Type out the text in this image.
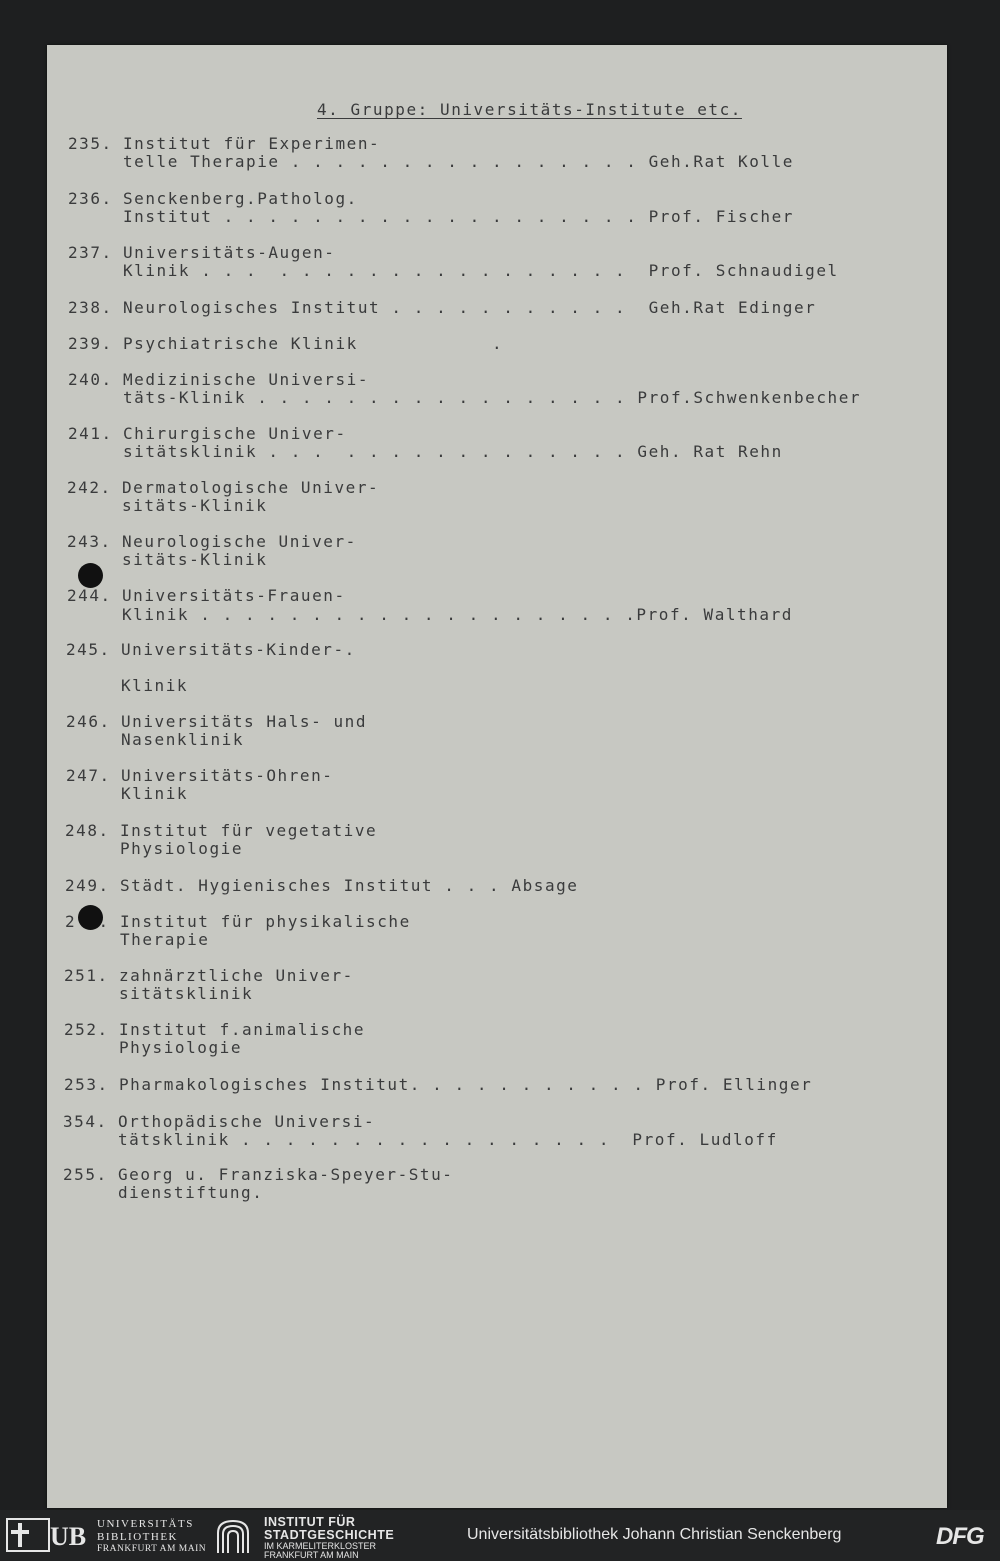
4. Gruppe: Universitäts-Institute etc.

235. Institut für Experimen-

telle Therapie . . . . . . . . . . . . . . . . Geh.Rat Kolle

236. Senckenberg.Patholog.

Institut . . . . . . . . . . . . . . . . . . . Prof. Fischer

237. Universitäts-Augen-

Klinik . . .  . . . . . . . . . . . . . . . .  Prof. Schnaudigel

238. Neurologisches Institut . . . . . . . . . . .  Geh.Rat Edinger

239. Psychiatrische Klinik            .

240. Medizinische Universi-

täts-Klinik . . . . . . . . . . . . . . . . . Prof.Schwenkenbecher

241. Chirurgische Univer-

sitätsklinik . . .  . . . . . . . . . . . . . Geh. Rat Rehn

242. Dermatologische Univer-

sitäts-Klinik

243. Neurologische Univer-

sitäts-Klinik

244. Universitäts-Frauen-

Klinik . . . . . . . . . . . . . . . . . . . .Prof. Walthard

245. Universitäts-Kinder-.

Klinik

246. Universitäts Hals- und

Nasenklinik

247. Universitäts-Ohren-

Klinik

248. Institut für vegetative

Physiologie

249. Städt. Hygienisches Institut . . . Absage

2  . Institut für physikalische

Therapie

251. zahnärztliche Univer-

sitätsklinik

252. Institut f.animalische

Physiologie

253. Pharmakologisches Institut. . . . . . . . . . . Prof. Ellinger

354. Orthopädische Universi-

tätsklinik . . . . . . . . . . . . . . . . .  Prof. Ludloff

255. Georg u. Franziska-Speyer-Stu-

dienstiftung.

UB UNIVERSITÄTS
BIBLIOTHEK
FRANKFURT AM MAIN
INSTITUT FÜR
STADTGESCHICHTE
IM KARMELITERKLOSTER
FRANKFURT AM MAIN
Universitätsbibliothek Johann Christian Senckenberg	DFG
